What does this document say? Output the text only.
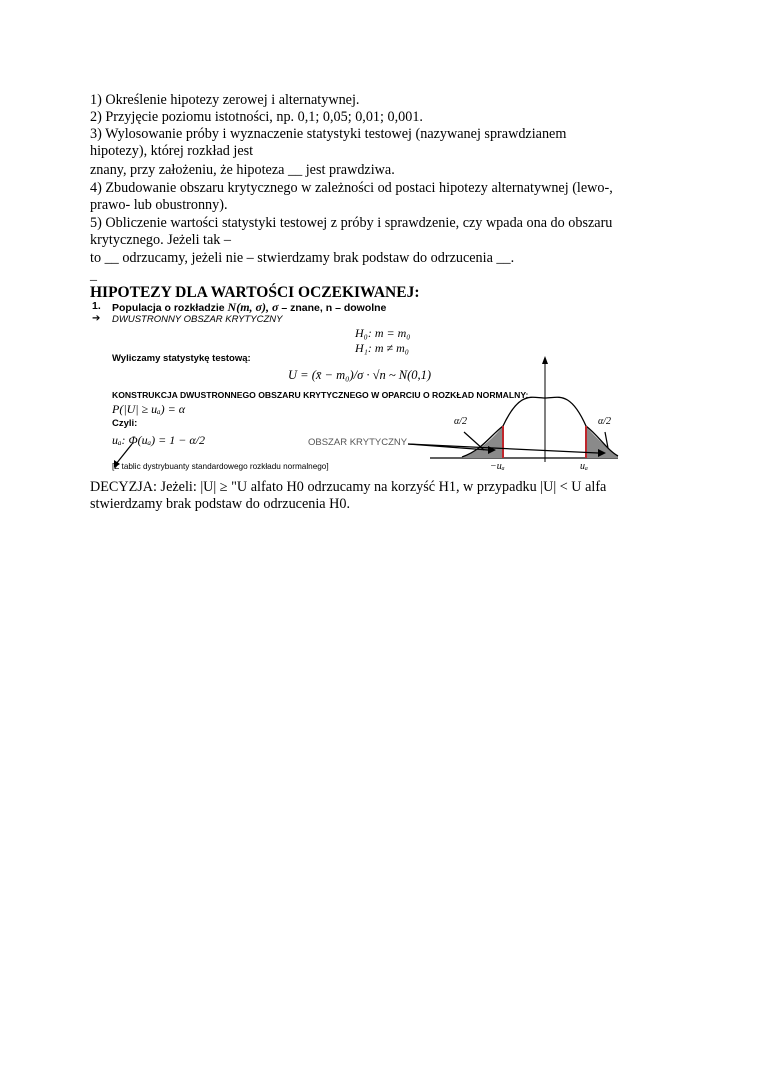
1) Określenie hipotezy zerowej i alternatywnej.
2) Przyjęcie poziomu istotności, np. 0,1; 0,05; 0,01; 0,001.
3) Wylosowanie próby i wyznaczenie statystyki testowej (nazywanej sprawdzianem
hipotezy), której rozkład jest
znany, przy założeniu, że hipoteza __ jest prawdziwa.
4) Zbudowanie obszaru krytycznego w zależności od postaci hipotezy alternatywnej (lewo-,
prawo- lub obustronny).
5) Obliczenie wartości statystyki testowej z próby i sprawdzenie, czy wpada ona do obszaru
krytycznego. Jeżeli tak –
to __ odrzucamy, jeżeli nie – stwierdzamy brak podstaw do odrzucenia __.
_
HIPOTEZY DLA WARTOŚCI OCZEKIWANEJ:
1. Populacja o rozkładzie N(m, σ), σ – znane, n – dowolne
➔ DWUSTRONNY OBSZAR KRYTYCZNY
H₀: m = m₀
H₁: m ≠ m₀
Wyliczamy statystykę testową:
U = (x̄ − m₀)/σ · √n ~ N(0,1)
KONSTRUKCJA DWUSTRONNEGO OBSZARU KRYTYCZNEGO W OPARCIU O ROZKŁAD NORMALNY:
P(|U| ≥ uₐ) = α
Czyli:
uₐ: Φ(uₐ) = 1 − α/2	OBSZAR KRYTYCZNY
[Z tablic dystrybuanty standardowego rozkładu normalnego]
α/2	α/2
−uₐ	uₐ
DECYZJA: Jeżeli: |U| ≥ "U alfato H0 odrzucamy na korzyść H1, w przypadku |U| < U alfa
stwierdzamy brak podstaw do odrzucenia H0.
